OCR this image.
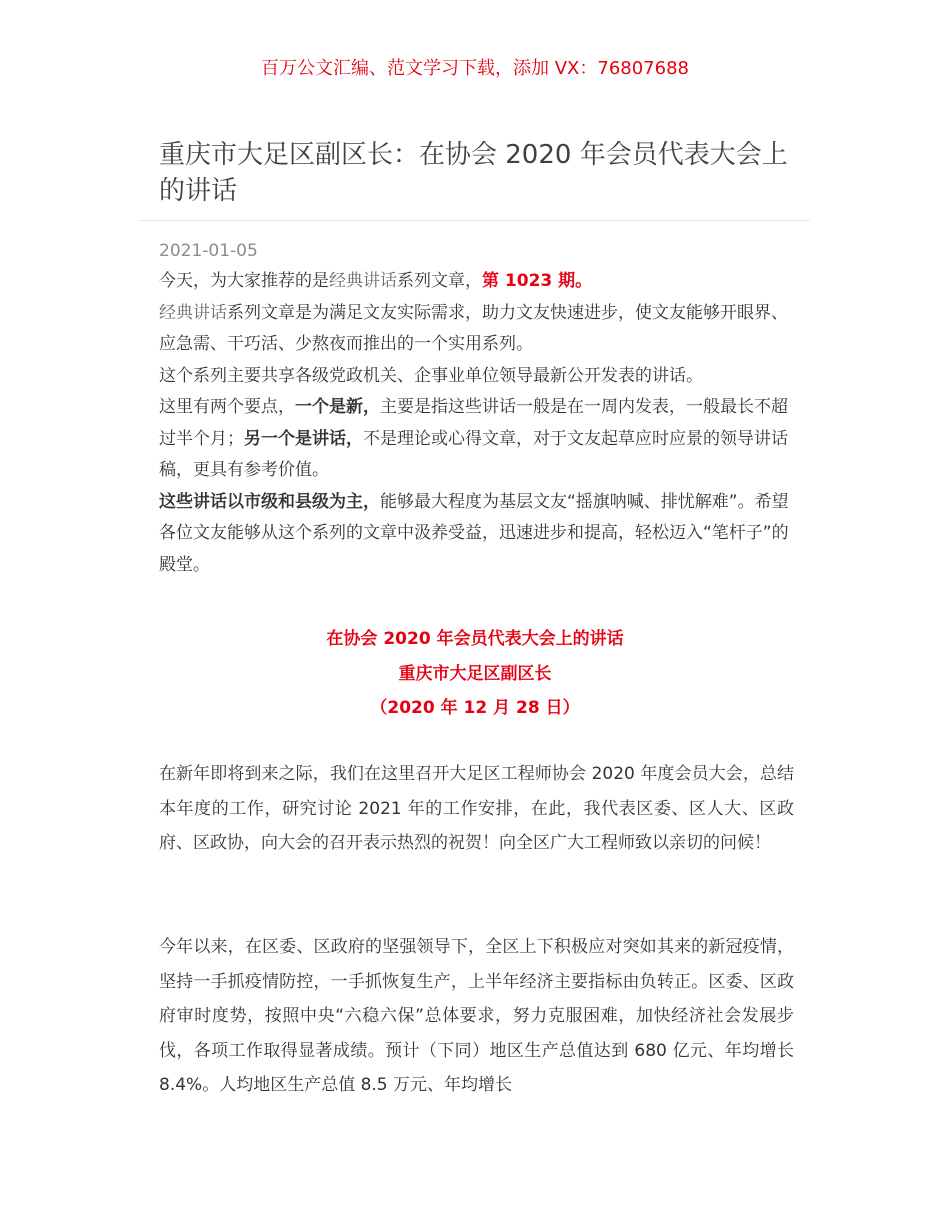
百万公文汇编、范文学习下载，添加 VX：76807688
重庆市大足区副区长：在协会 2020 年会员代表大会上的讲话
2021-01-05

今天，为大家推荐的是经典讲话系列文章，第 1023 期。

经典讲话系列文章是为满足文友实际需求，助力文友快速进步，使文友能够开眼界、应急需、干巧活、少熬夜而推出的一个实用系列。

这个系列主要共享各级党政机关、企事业单位领导最新公开发表的讲话。

这里有两个要点，一个是新，主要是指这些讲话一般是在一周内发表，一般最长不超过半个月；另一个是讲话，不是理论或心得文章，对于文友起草应时应景的领导讲话稿，更具有参考价值。

这些讲话以市级和县级为主，能够最大程度为基层文友“摇旗呐喊、排忧解难”。希望各位文友能够从这个系列的文章中汲养受益，迅速进步和提高，轻松迈入“笔杆子”的殿堂。

在协会 2020 年会员代表大会上的讲话
重庆市大足区副区长
（2020 年 12 月 28 日）

在新年即将到来之际，我们在这里召开大足区工程师协会 2020 年度会员大会，总结本年度的工作，研究讨论 2021 年的工作安排，在此，我代表区委、区人大、区政府、区政协，向大会的召开表示热烈的祝贺！向全区广大工程师致以亲切的问候！

今年以来，在区委、区政府的坚强领导下，全区上下积极应对突如其来的新冠疫情，坚持一手抓疫情防控，一手抓恢复生产，上半年经济主要指标由负转正。区委、区政府审时度势，按照中央“六稳六保”总体要求，努力克服困难，加快经济社会发展步伐，各项工作取得显著成绩。预计（下同）地区生产总值达到 680 亿元、年均增长 8.4%。人均地区生产总值 8.5 万元、年均增长
